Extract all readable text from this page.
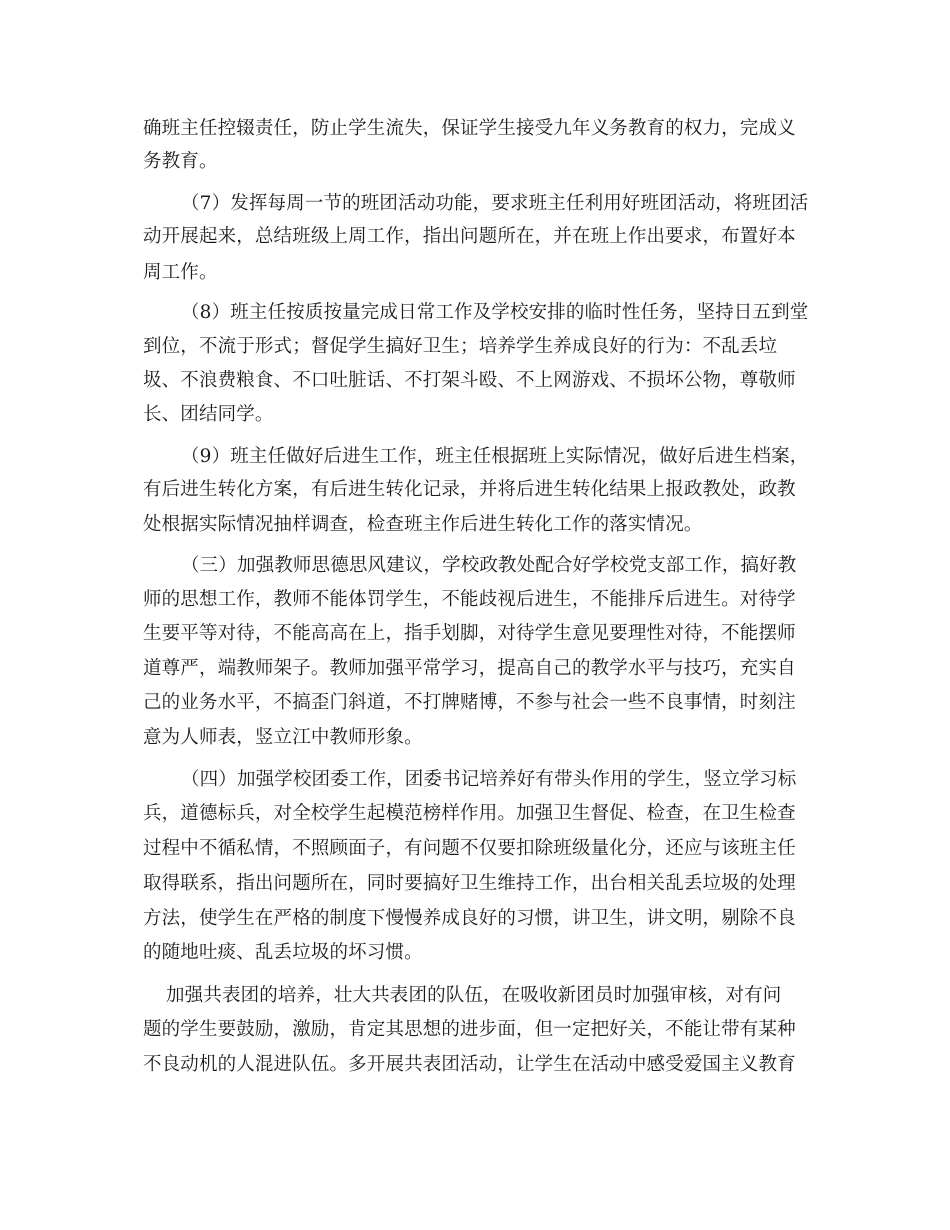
确班主任控辍责任，防止学生流失，保证学生接受九年义务教育的权力，完成义
务教育。
（7）发挥每周一节的班团活动功能，要求班主任利用好班团活动，将班团活
动开展起来，总结班级上周工作，指出问题所在，并在班上作出要求，布置好本
周工作。
（8）班主任按质按量完成日常工作及学校安排的临时性任务，坚持日五到堂
到位，不流于形式；督促学生搞好卫生；培养学生养成良好的行为：不乱丢垃
圾、不浪费粮食、不口吐脏话、不打架斗殴、不上网游戏、不损坏公物，尊敬师
长、团结同学。
（9）班主任做好后进生工作，班主任根据班上实际情况，做好后进生档案，
有后进生转化方案，有后进生转化记录，并将后进生转化结果上报政教处，政教
处根据实际情况抽样调查，检查班主作后进生转化工作的落实情况。
（三）加强教师思德思风建议，学校政教处配合好学校党支部工作，搞好教
师的思想工作，教师不能体罚学生，不能歧视后进生，不能排斥后进生。对待学
生要平等对待，不能高高在上，指手划脚，对待学生意见要理性对待，不能摆师
道尊严，端教师架子。教师加强平常学习，提高自己的教学水平与技巧，充实自
己的业务水平，不搞歪门斜道，不打牌赌博，不参与社会一些不良事情，时刻注
意为人师表，竖立江中教师形象。
（四）加强学校团委工作，团委书记培养好有带头作用的学生，竖立学习标
兵，道德标兵，对全校学生起模范榜样作用。加强卫生督促、检查，在卫生检查
过程中不循私情，不照顾面子，有问题不仅要扣除班级量化分，还应与该班主任
取得联系，指出问题所在，同时要搞好卫生维持工作，出台相关乱丢垃圾的处理
方法，使学生在严格的制度下慢慢养成良好的习惯，讲卫生，讲文明，剔除不良
的随地吐痰、乱丢垃圾的坏习惯。
加强共表团的培养，壮大共表团的队伍，在吸收新团员时加强审核，对有问
题的学生要鼓励，激励，肯定其思想的进步面，但一定把好关，不能让带有某种
不良动机的人混进队伍。多开展共表团活动，让学生在活动中感受爱国主义教育
